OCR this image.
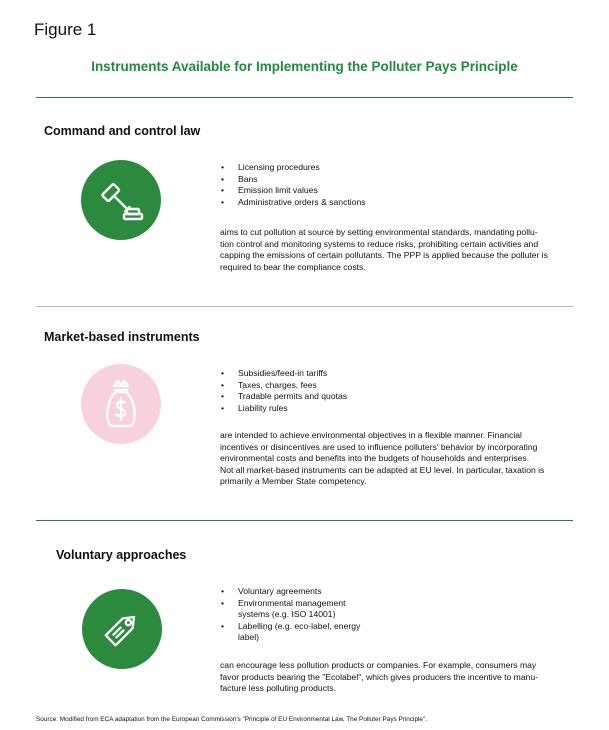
Figure 1
Instruments Available for Implementing the Polluter Pays Principle
Command and control law
• Licensing procedures
• Bans
• Emission limit values
• Administrative orders & sanctions
aims to cut pollution at source by setting environmental standards, mandating pollu-
tion control and monitoring systems to reduce risks, prohibiting certain activities and
capping the emissions of certain pollutants. The PPP is applied because the polluter is
required to bear the compliance costs.
Market-based instruments
• Subsidies/feed-in tariffs
• Taxes, charges, fees
• Tradable permits and quotas
• Liability rules
are intended to achieve environmental objectives in a flexible manner. Financial
incentives or disincentives are used to influence polluters' behavior by incorporating
environmental costs and benefits into the budgets of households and enterprises.
Not all market-based instruments can be adapted at EU level. In particular, taxation is
primarily a Member State competency.
Voluntary approaches
• Voluntary agreements
• Environmental management
systems (e.g. ISO 14001)
• Labelling (e.g. eco-label, energy
label)
can encourage less pollution products or companies. For example, consumers may
favor products bearing the "Ecolabel", which gives producers the incentive to manu-
facture less polluting products.
Source: Modified from ECA adaptation from the European Commission's "Principle of EU Environmental Law, The Polluter Pays Principle".
